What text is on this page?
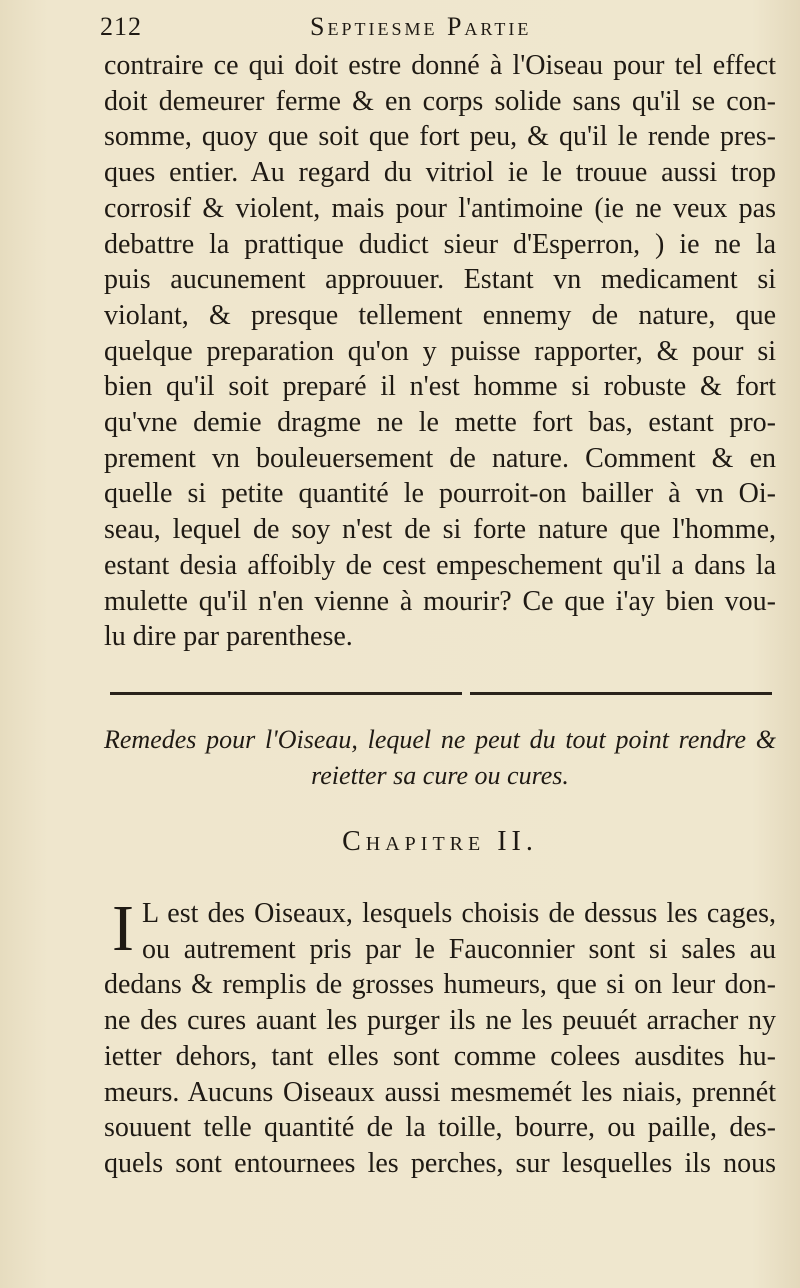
212	Septiesme Partie
contraire ce qui doit estre donné à l'Oiseau pour tel effect
doit demeurer ferme & en corps solide sans qu'il se con-
somme, quoy que soit que fort peu, & qu'il le rende pres-
ques entier. Au regard du vitriol ie le trouue aussi trop
corrosif & violent, mais pour l'antimoine (ie ne veux pas
debattre la prattique dudict sieur d'Esperron, ) ie ne la
puis aucunement approuuer. Estant vn medicament si
violant, & presque tellement ennemy de nature, que
quelque preparation qu'on y puisse rapporter, & pour si
bien qu'il soit preparé il n'est homme si robuste & fort
qu'vne demie dragme ne le mette fort bas, estant pro-
prement vn bouleuersement de nature. Comment & en
quelle si petite quantité le pourroit-on bailler à vn Oi-
seau, lequel de soy n'est de si forte nature que l'homme,
estant desia affoibly de cest empeschement qu'il a dans la
mulette qu'il n'en vienne à mourir? Ce que i'ay bien vou-
lu dire par parenthese.
Remedes pour l'Oiseau, lequel ne peut du tout point rendre &
reietter sa cure ou cures.
Chapitre II.
I L est des Oiseaux, lesquels choisis de dessus les cages,
ou autrement pris par le Fauconnier sont si sales au
dedans & remplis de grosses humeurs, que si on leur don-
ne des cures auant les purger ils ne les peuuét arracher ny
ietter dehors, tant elles sont comme colees ausdites hu-
meurs. Aucuns Oiseaux aussi mesmemét les niais, prennét
souuent telle quantité de la toille, bourre, ou paille, des-
quels sont entournees les perches, sur lesquelles ils nous
